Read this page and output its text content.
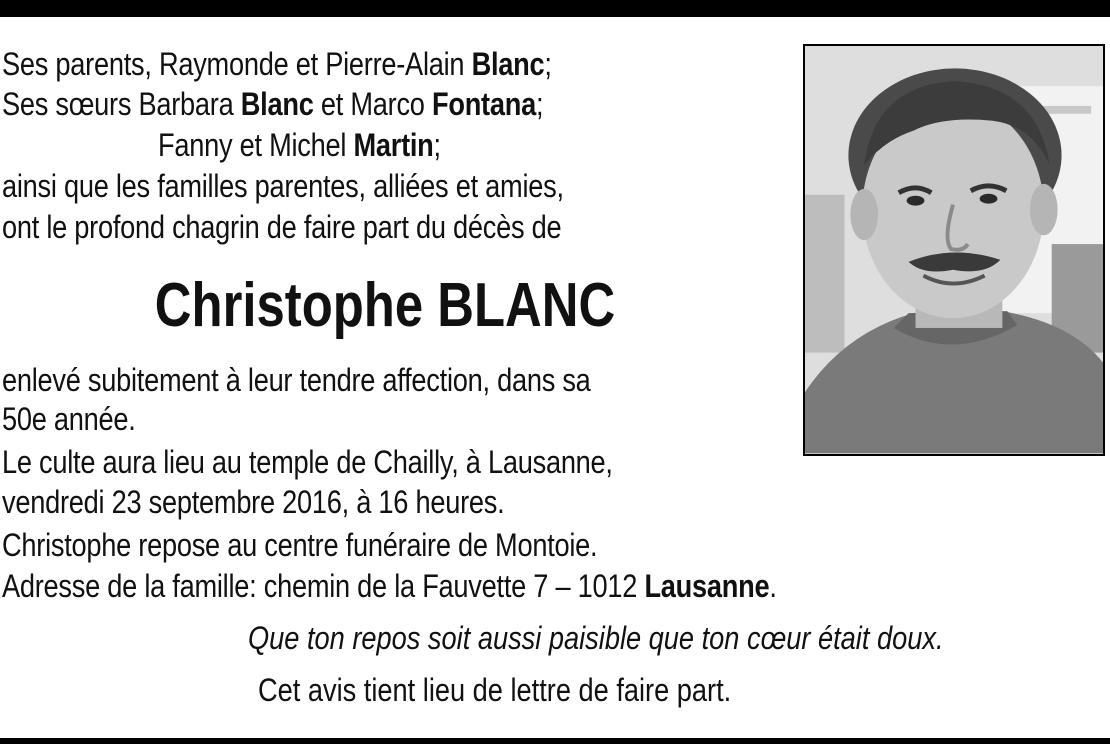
Ses parents, Raymonde et Pierre-Alain Blanc;

Ses sœurs Barbara Blanc et Marco Fontana;

Fanny et Michel Martin;

ainsi que les familles parentes, alliées et amies,

ont le profond chagrin de faire part du décès de

Christophe BLANC

enlevé subitement à leur tendre affection, dans sa

50e année.

Le culte aura lieu au temple de Chailly, à Lausanne,

vendredi 23 septembre 2016, à 16 heures.

Christophe repose au centre funéraire de Montoie.

Adresse de la famille: chemin de la Fauvette 7 – 1012 Lausanne.

Que ton repos soit aussi paisible que ton cœur était doux.

Cet avis tient lieu de lettre de faire part.
